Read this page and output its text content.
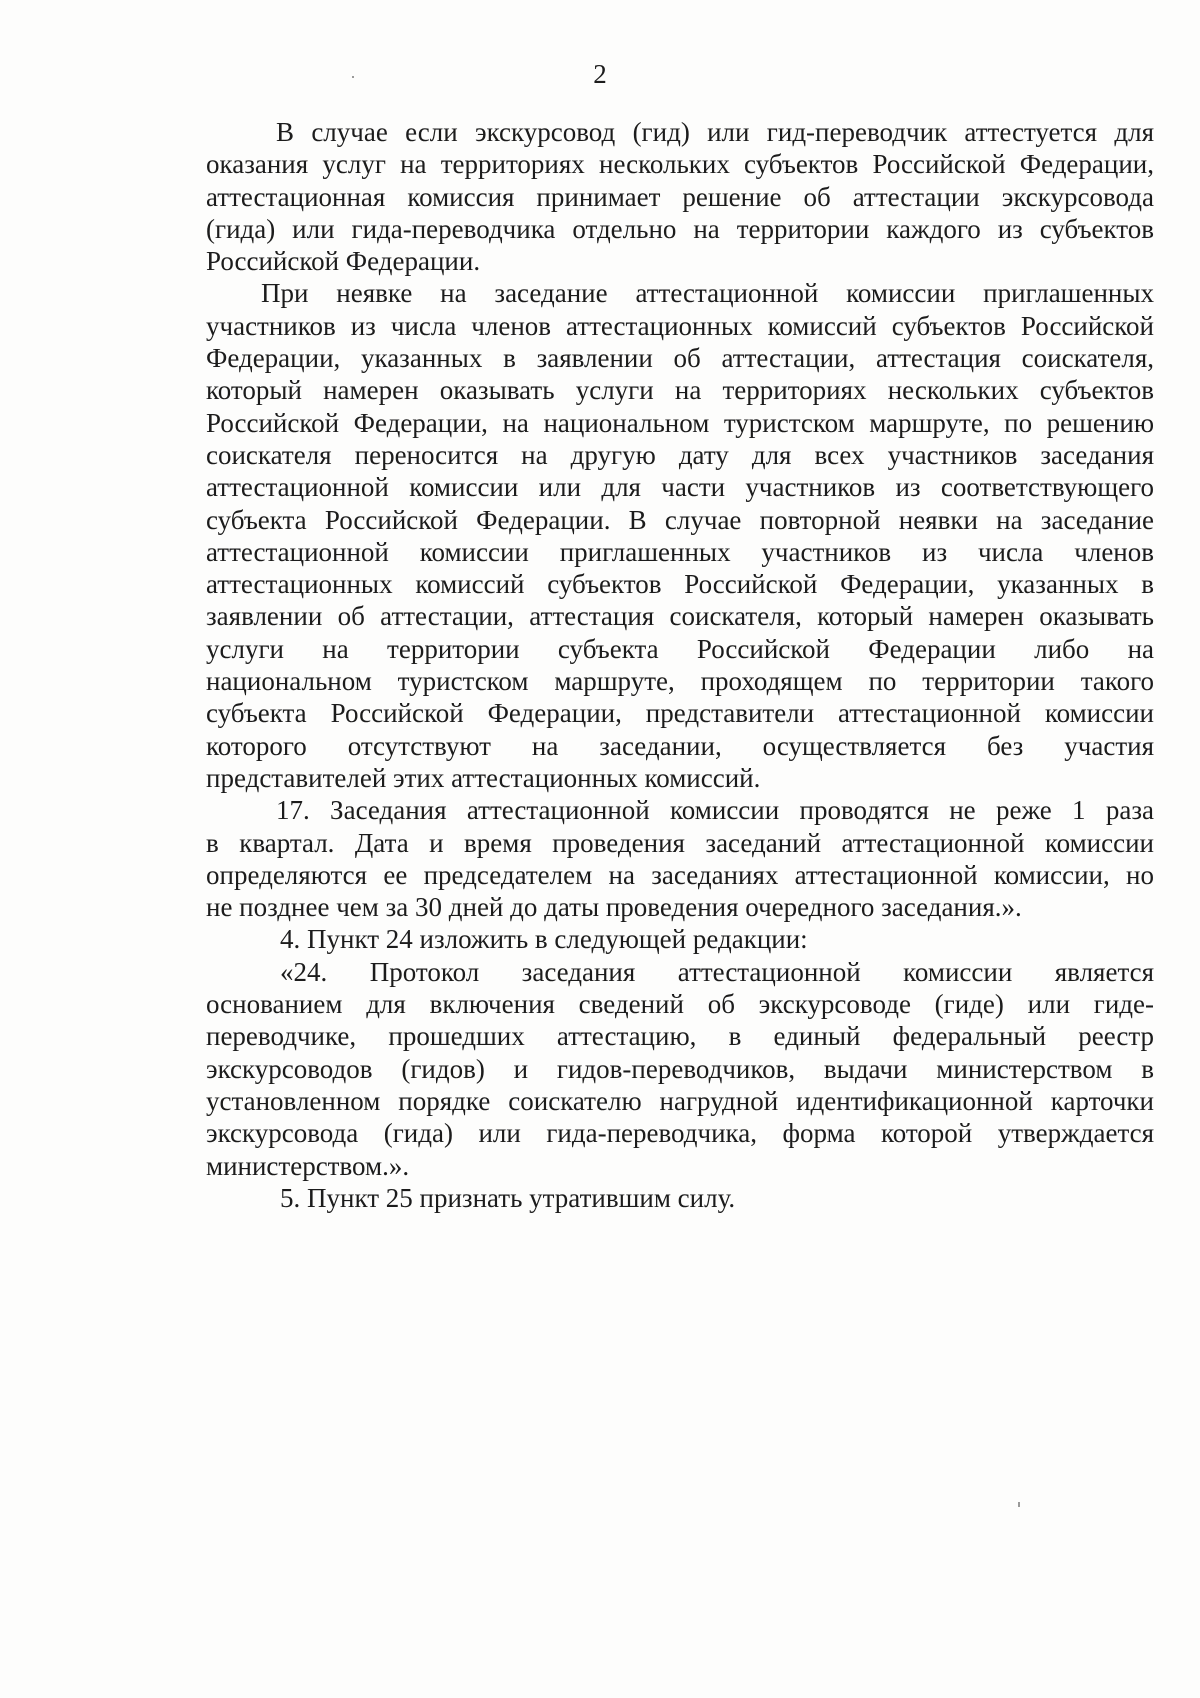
2

В случае если экскурсовод (гид) или гид-переводчик аттестуется для
оказания услуг на территориях нескольких субъектов Российской Федерации,
аттестационная комиссия принимает решение об аттестации экскурсовода
(гида) или гида-переводчика отдельно на территории каждого из субъектов
Российской Федерации.

При неявке на заседание аттестационной комиссии приглашенных
участников из числа членов аттестационных комиссий субъектов Российской
Федерации, указанных в заявлении об аттестации, аттестация соискателя,
который намерен оказывать услуги на территориях нескольких субъектов
Российской Федерации, на национальном туристском маршруте, по решению
соискателя переносится на другую дату для всех участников заседания
аттестационной комиссии или для части участников из соответствующего
субъекта Российской Федерации. В случае повторной неявки на заседание
аттестационной комиссии приглашенных участников из числа членов
аттестационных комиссий субъектов Российской Федерации, указанных в
заявлении об аттестации, аттестация соискателя, который намерен оказывать
услуги на территории субъекта Российской Федерации либо на
национальном туристском маршруте, проходящем по территории такого
субъекта Российской Федерации, представители аттестационной комиссии
которого отсутствуют на заседании, осуществляется без участия
представителей этих аттестационных комиссий.

17. Заседания аттестационной комиссии проводятся не реже 1 раза
в квартал. Дата и время проведения заседаний аттестационной комиссии
определяются ее председателем на заседаниях аттестационной комиссии, но
не позднее чем за 30 дней до даты проведения очередного заседания.».

4. Пункт 24 изложить в следующей редакции:

«24. Протокол заседания аттестационной комиссии является
основанием для включения сведений об экскурсоводе (гиде) или гиде-
переводчике, прошедших аттестацию, в единый федеральный реестр
экскурсоводов (гидов) и гидов-переводчиков, выдачи министерством в
установленном порядке соискателю нагрудной идентификационной карточки
экскурсовода (гида) или гида-переводчика, форма которой утверждается
министерством.».

5. Пункт 25 признать утратившим силу.
